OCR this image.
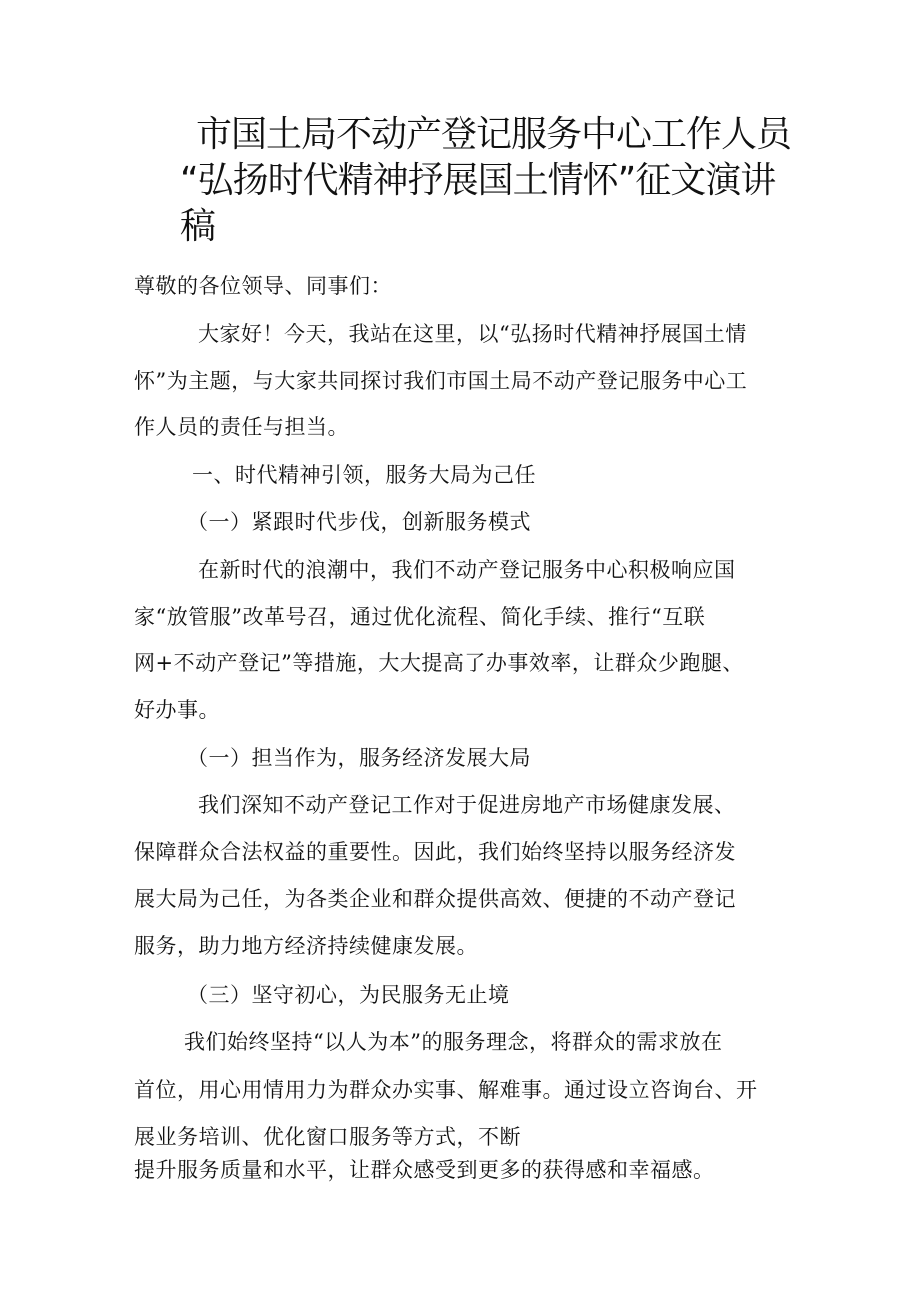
市国土局不动产登记服务中心工作人员
“弘扬时代精神抒展国土情怀”征文演讲
稿
尊敬的各位领导、同事们：
大家好！今天，我站在这里，以“弘扬时代精神抒展国土情
怀”为主题，与大家共同探讨我们市国土局不动产登记服务中心工
作人员的责任与担当。
一、时代精神引领，服务大局为己任
（一）紧跟时代步伐，创新服务模式
在新时代的浪潮中，我们不动产登记服务中心积极响应国
家“放管服”改革号召，通过优化流程、简化手续、推行“互联
网+不动产登记”等措施，大大提高了办事效率，让群众少跑腿、
好办事。
（一）担当作为，服务经济发展大局
我们深知不动产登记工作对于促进房地产市场健康发展、
保障群众合法权益的重要性。因此，我们始终坚持以服务经济发
展大局为己任，为各类企业和群众提供高效、便捷的不动产登记
服务，助力地方经济持续健康发展。
（三）坚守初心，为民服务无止境
我们始终坚持“以人为本”的服务理念，将群众的需求放在
首位，用心用情用力为群众办实事、解难事。通过设立咨询台、开
展业务培训、优化窗口服务等方式，不断
提升服务质量和水平，让群众感受到更多的获得感和幸福感。
